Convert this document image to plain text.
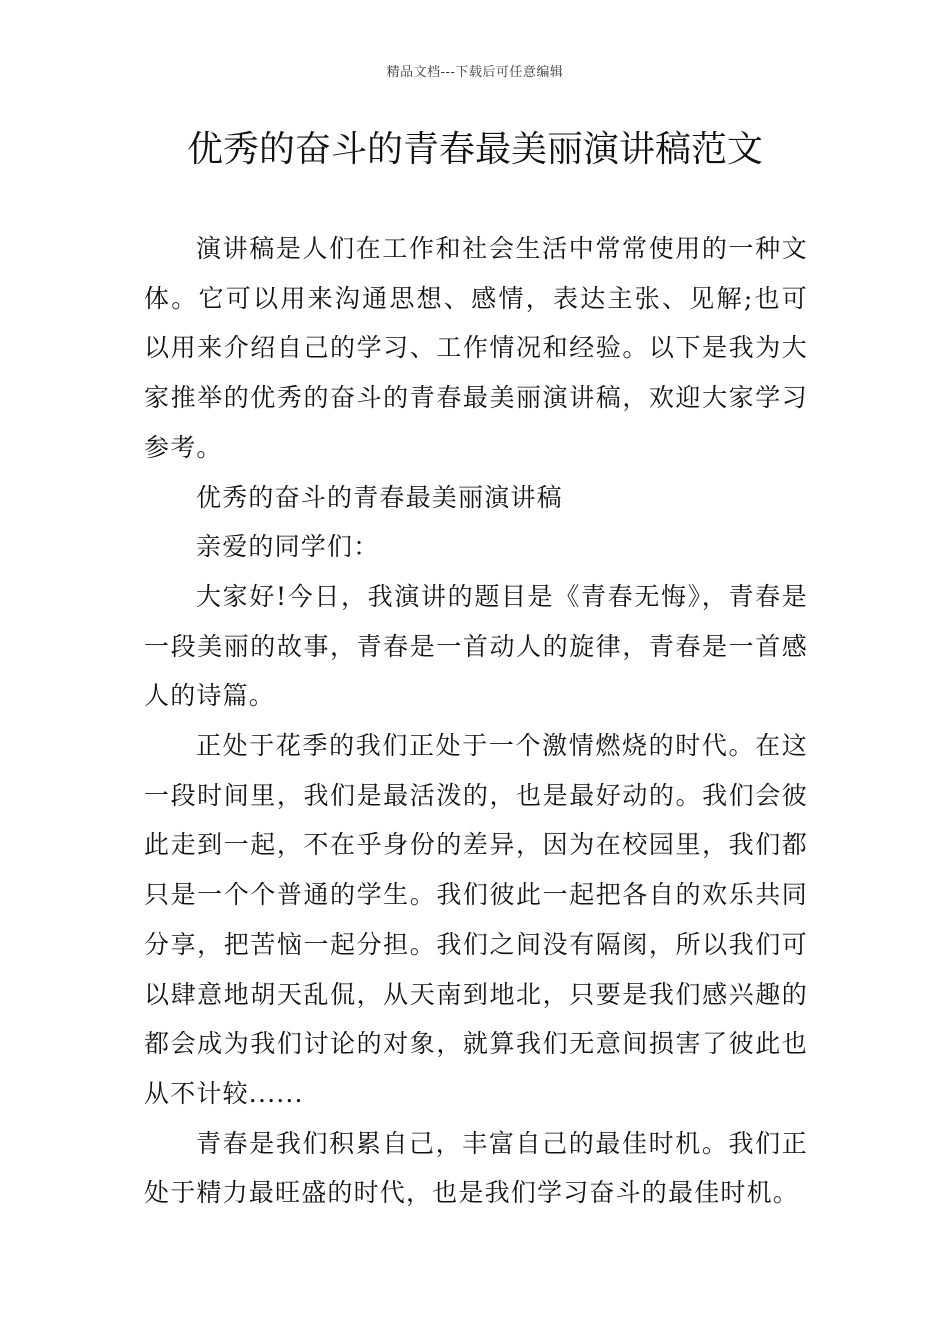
精品文档---下载后可任意编辑
优秀的奋斗的青春最美丽演讲稿范文

演讲稿是人们在工作和社会生活中常常使用的一种文体。它可以用来沟通思想、感情，表达主张、见解;也可以用来介绍自己的学习、工作情况和经验。以下是我为大家推举的优秀的奋斗的青春最美丽演讲稿，欢迎大家学习参考。

优秀的奋斗的青春最美丽演讲稿

亲爱的同学们：

大家好!今日，我演讲的题目是《青春无悔》，青春是一段美丽的故事，青春是一首动人的旋律，青春是一首感人的诗篇。

正处于花季的我们正处于一个激情燃烧的时代。在这一段时间里，我们是最活泼的，也是最好动的。我们会彼此走到一起，不在乎身份的差异，因为在校园里，我们都只是一个个普通的学生。我们彼此一起把各自的欢乐共同分享，把苦恼一起分担。我们之间没有隔阂，所以我们可以肆意地胡天乱侃，从天南到地北，只要是我们感兴趣的都会成为我们讨论的对象，就算我们无意间损害了彼此也从不计较......

青春是我们积累自己，丰富自己的最佳时机。我们正处于精力最旺盛的时代，也是我们学习奋斗的最佳时机。
